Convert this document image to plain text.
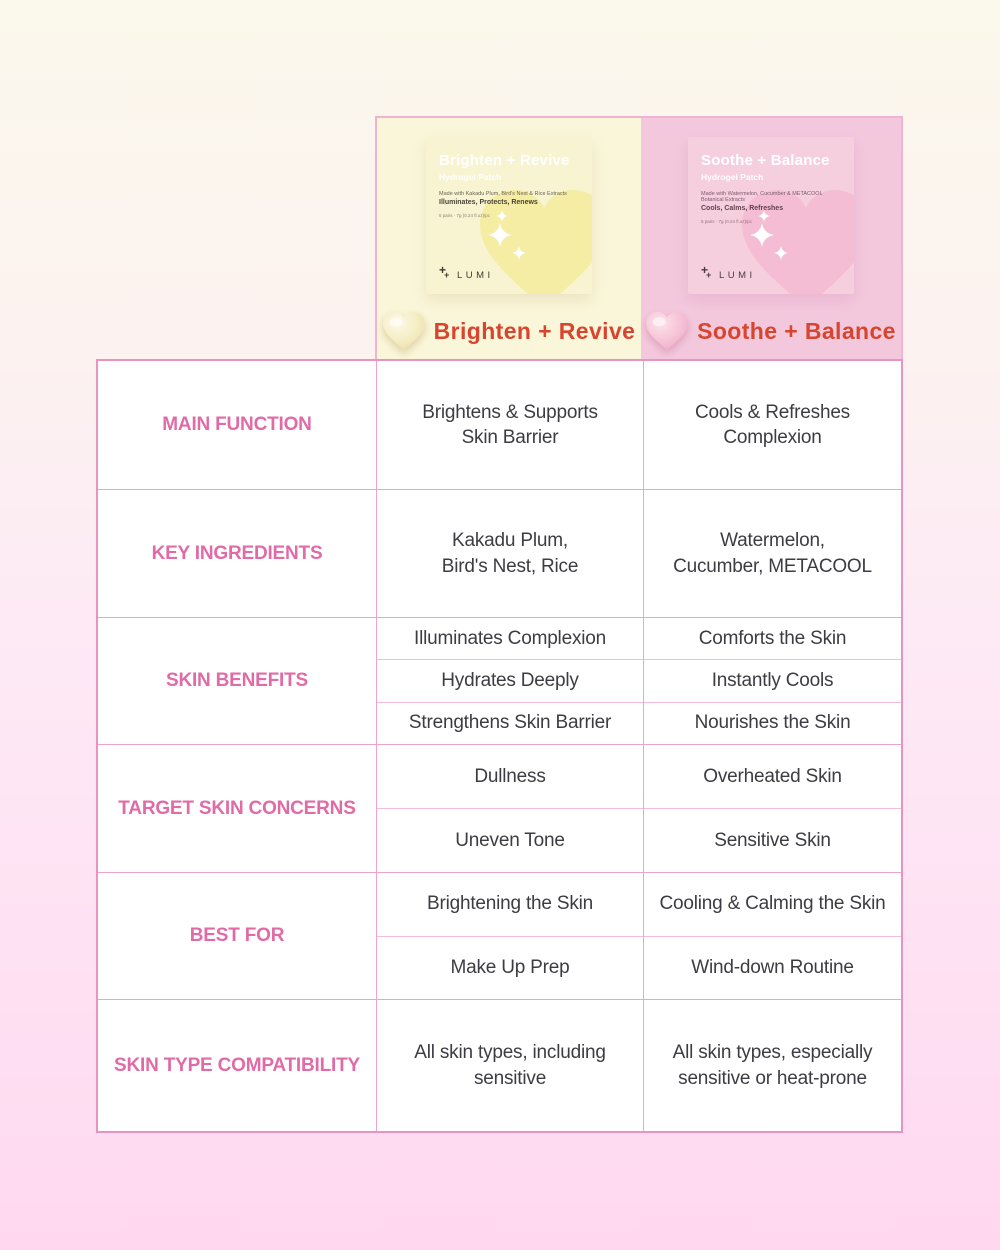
Brighten + Revive
Hydrogel Patch
Made with Kakadu Plum, Bird's Nest & Rice Extracts
Illuminates, Protects, Renews
5 pairs · 7g (0.24 fl.oz)/pc
+
+ LUMI
Brighten + Revive
Soothe + Balance
Hydrogel Patch
Made with Watermelon, Cucumber & METACOOL Botanical Extracts
Cools, Calms, Refreshes
5 pairs · 7g (0.24 fl.oz)/pc
+
+ LUMI
Soothe + Balance
MAIN FUNCTION
Brightens & Supports
Skin Barrier
Cools & Refreshes
Complexion
KEY INGREDIENTS
Kakadu Plum,
Bird's Nest, Rice
Watermelon,
Cucumber, METACOOL
SKIN BENEFITS
Illuminates Complexion
Hydrates Deeply
Strengthens Skin Barrier
Comforts the Skin
Instantly Cools
Nourishes the Skin
TARGET SKIN CONCERNS
Dullness
Uneven Tone
Overheated Skin
Sensitive Skin
BEST FOR
Brightening the Skin
Make Up Prep
Cooling & Calming the Skin
Wind-down Routine
SKIN TYPE COMPATIBILITY
All skin types, including
sensitive
All skin types, especially
sensitive or heat-prone
